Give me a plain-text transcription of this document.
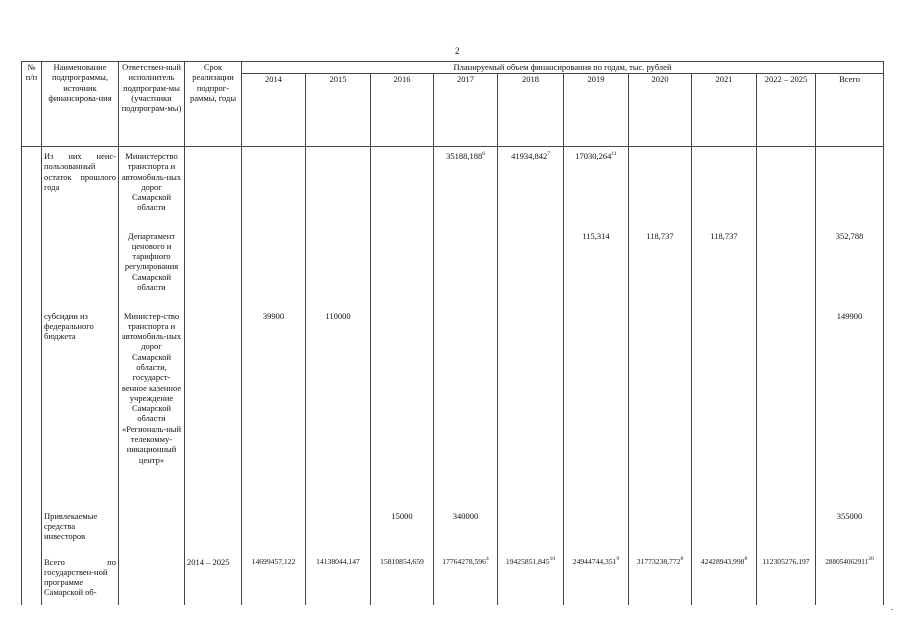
2
№ п/п	Наименование подпрограммы, источник финансирова-ния	Ответствен-ный исполнитель подпрограм-мы (участники подпрограм-мы)	Срок реализации подпрог-раммы, годы	Планируемый объем финансирования по годам, тыс. рублей									
				2014	2015	2016	2017	2018	2019	2020	2021	2022 – 2025	Всего
	Из них неис-пользованный остаток прошлого года	Министерство транспорта и автомобиль-ных дорог Самарской области					35188,188$^6$	41934,842$^7$	17030,264$^{11}$				
		Департамент ценового и тарифного регулирования Самарской области							115,314	118,737	118,737		352,788
	субсидии из федерального бюджета	Министер-ство транспорта и автомобиль-ных дорог Самарской области, государст-венное казенное учреждение Самарской области «Региональ-ный телекомму-никационный центр»		39900	110000								149900
	Привлекаемые средства инвесторов					15000	340000						355000
	Всего по государствен-ной программе Самарской об-		2014 – 2025	14699457,122	14138044,147	15810854,659	17764278,596$^4$	19425851,845$^{10}$	24944744,351$^9$	31773238,772$^8$	42428943,998$^8$	112305276,197	288054062911$^{20}$
.
